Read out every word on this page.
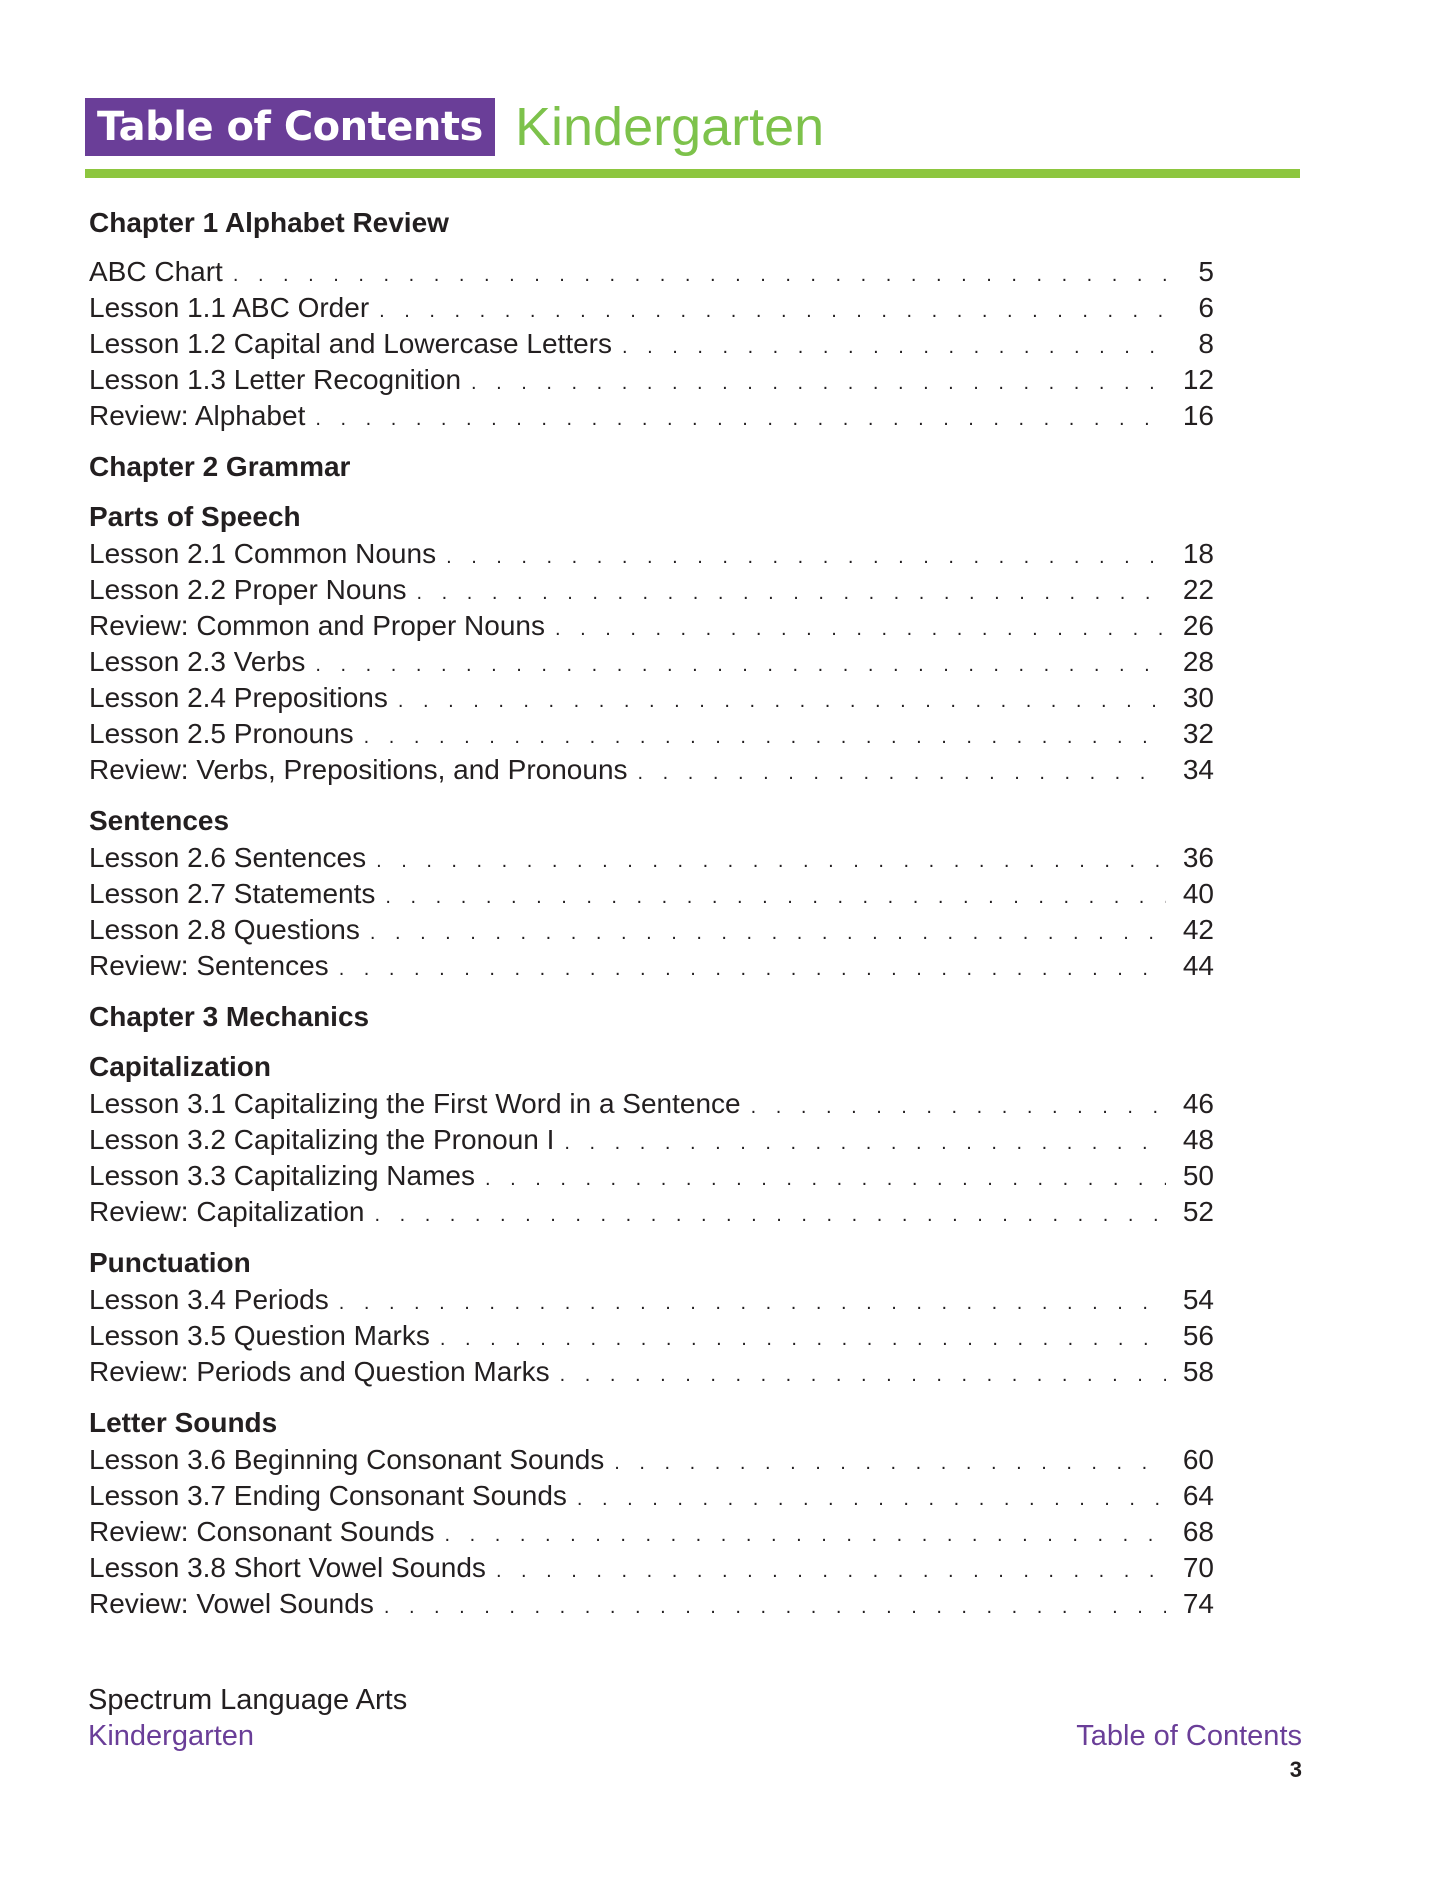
Table of Contents Kindergarten
Chapter 1 Alphabet Review
ABC Chart . . .	5
Lesson 1.1 ABC Order . . .	6
Lesson 1.2 Capital and Lowercase Letters . . .	8
Lesson 1.3 Letter Recognition . . .	12
Review: Alphabet . . .	16
Chapter 2 Grammar
Parts of Speech
Lesson 2.1 Common Nouns . . .	18
Lesson 2.2 Proper Nouns . . .	22
Review: Common and Proper Nouns . . .	26
Lesson 2.3 Verbs . . .	28
Lesson 2.4 Prepositions . . .	30
Lesson 2.5 Pronouns . . .	32
Review: Verbs, Prepositions, and Pronouns . . .	34
Sentences
Lesson 2.6 Sentences . . .	36
Lesson 2.7 Statements . . .	40
Lesson 2.8 Questions . . .	42
Review: Sentences . . .	44
Chapter 3 Mechanics
Capitalization
Lesson 3.1 Capitalizing the First Word in a Sentence . . .	46
Lesson 3.2 Capitalizing the Pronoun I . . .	48
Lesson 3.3 Capitalizing Names . . .	50
Review: Capitalization . . .	52
Punctuation
Lesson 3.4 Periods . . .	54
Lesson 3.5 Question Marks . . .	56
Review: Periods and Question Marks . . .	58
Letter Sounds
Lesson 3.6 Beginning Consonant Sounds . . .	60
Lesson 3.7 Ending Consonant Sounds . . .	64
Review: Consonant Sounds . . .	68
Lesson 3.8 Short Vowel Sounds . . .	70
Review: Vowel Sounds . . .	74
Spectrum Language Arts
Kindergarten	Table of Contents
3
